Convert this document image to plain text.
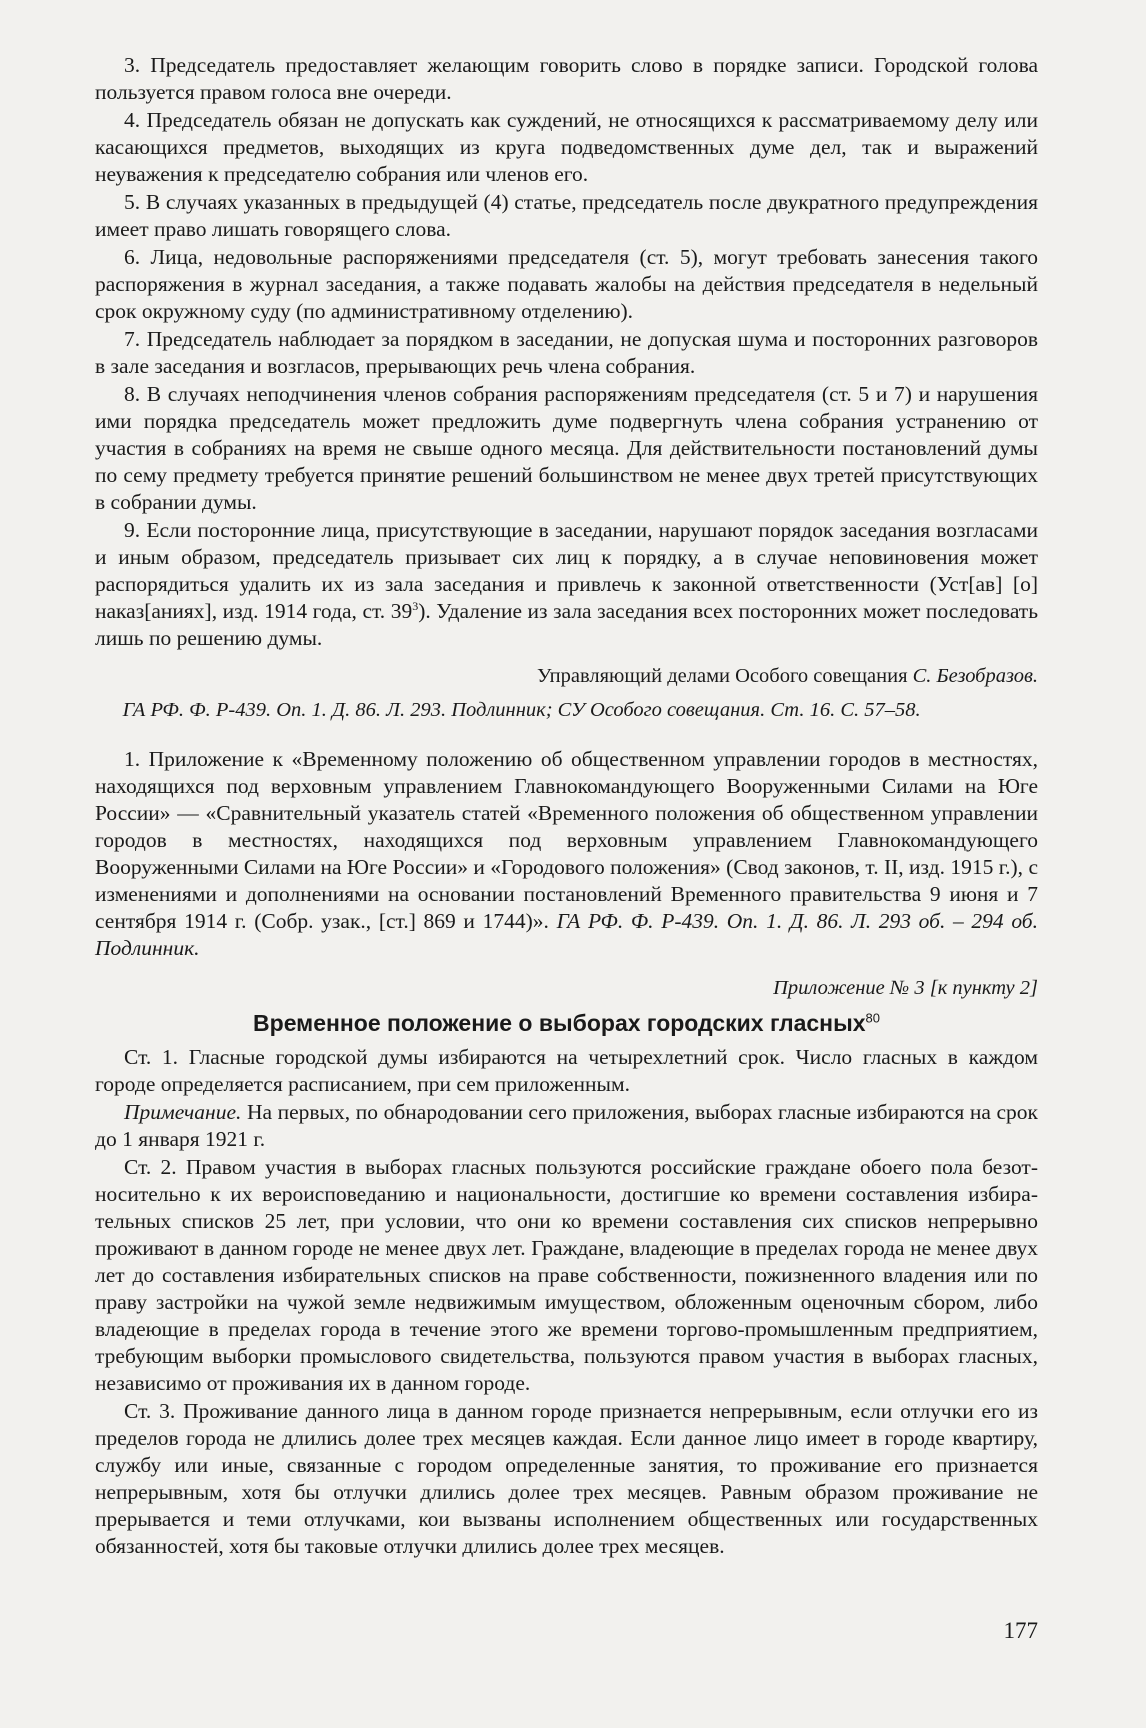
3. Председатель предоставляет желающим говорить слово в порядке записи. Городской голова пользуется правом голоса вне очереди.

4. Председатель обязан не допускать как суждений, не относящихся к рассматриваемому делу или касающихся предметов, выходящих из круга подведомственных думе дел, так и выражений неуважения к председателю собрания или членов его.

5. В случаях указанных в предыдущей (4) статье, председатель после двукратного предупреждения имеет право лишать говорящего слова.

6. Лица, недовольные распоряжениями председателя (ст. 5), могут требовать занесения такого распоряжения в журнал заседания, а также подавать жалобы на действия председателя в недельный срок окружному суду (по административному отделению).

7. Председатель наблюдает за порядком в заседании, не допуская шума и посторонних разговоров в зале заседания и возгласов, прерывающих речь члена собрания.

8. В случаях неподчинения членов собрания распоряжениям председателя (ст. 5 и 7) и нарушения ими порядка председатель может предложить думе подвергнуть члена собрания устранению от участия в собраниях на время не свыше одного месяца. Для действительности постановлений думы по сему предмету требуется принятие решений большинством не менее двух третей присутствующих в собрании думы.

9. Если посторонние лица, присутствующие в заседании, нарушают порядок заседания возгласами и иным образом, председатель призывает сих лиц к порядку, а в случае неповиновения может распорядиться удалить их из зала заседания и привлечь к законной ответственности (Уст[ав] [о] наказ[аниях], изд. 1914 года, ст. $39^3$). Удаление из зала заседания всех посторонних может последовать лишь по решению думы.

Управляющий делами Особого совещания С. Безобразов.

ГА РФ. Ф. Р-439. Оп. 1. Д. 86. Л. 293. Подлинник; СУ Особого совещания. Ст. 16. С. 57–58.

1. Приложение к «Временному положению об общественном управлении городов в местностях, находящихся под верховным управлением Главнокомандующего Вооруженными Силами на Юге России» — «Сравнительный указатель статей «Временного положения об общественном управлении городов в местностях, находящихся под верховным управлением Главнокомандующего Вооруженными Силами на Юге России» и «Городового положения» (Свод законов, т. II, изд. 1915 г.), с изменениями и дополнениями на основании постановлений Временного правительства 9 июня и 7 сентября 1914 г. (Собр. узак., [ст.] 869 и 1744)». ГА РФ. Ф. Р-439. Оп. 1. Д. 86. Л. 293 об. – 294 об. Подлинник.

Приложение № 3 [к пункту 2]

Временное положение о выборах городских гласных$^{80}$

Ст. 1. Гласные городской думы избираются на четырехлетний срок. Число гласных в каждом городе определяется расписанием, при сем приложенным.

Примечание. На первых, по обнародовании сего приложения, выборах гласные избираются на срок до 1 января 1921 г.

Ст. 2. Правом участия в выборах гласных пользуются российские граждане обоего пола безотносительно к их вероисповеданию и национальности, достигшие ко времени составления избирательных списков 25 лет, при условии, что они ко времени составления сих списков непрерывно проживают в данном городе не менее двух лет. Граждане, владеющие в пределах города не менее двух лет до составления избирательных списков на праве собственности, пожизненного владения или по праву застройки на чужой земле недвижимым имуществом, обложенным оценочным сбором, либо владеющие в пределах города в течение этого же времени торгово-промышленным предприятием, требующим выборки промыслового свидетельства, пользуются правом участия в выборах гласных, независимо от проживания их в данном городе.

Ст. 3. Проживание данного лица в данном городе признается непрерывным, если отлучки его из пределов города не длились долее трех месяцев каждая. Если данное лицо имеет в городе квартиру, службу или иные, связанные с городом определенные занятия, то проживание его признается непрерывным, хотя бы отлучки длились долее трех месяцев. Равным образом проживание не прерывается и теми отлучками, кои вызваны исполнением общественных или государственных обязанностей, хотя бы таковые отлучки длились долее трех месяцев.

177
